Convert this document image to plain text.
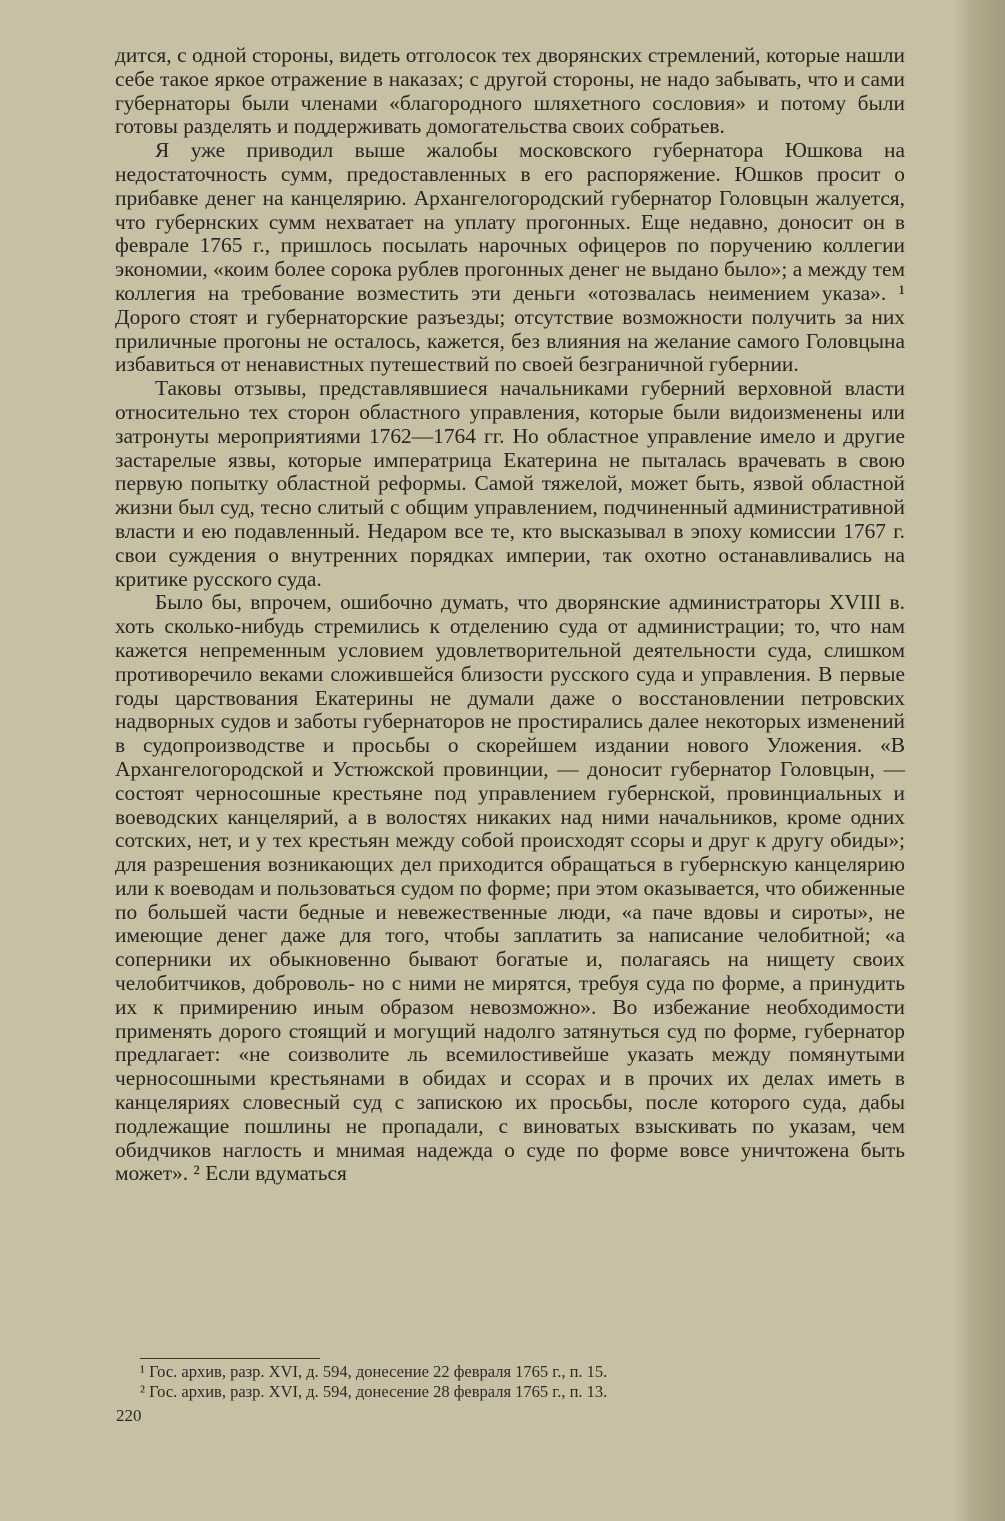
дится, с одной стороны, видеть отголосок тех дворянских стремлений, которые нашли себе такое яркое отражение в наказах; с другой стороны, не надо забывать, что и сами губернаторы были членами «благородного шляхетного сословия» и потому были готовы разделять и поддерживать домогательства своих собратьев.

Я уже приводил выше жалобы московского губернатора Юшкова на недостаточность сумм, предоставленных в его распоряжение. Юшков просит о прибавке денег на канцелярию. Архангелогородский губернатор Головцын жалуется, что губернских сумм нехватает на уплату прогонных. Еще недавно, доносит он в феврале 1765 г., пришлось посылать нарочных офицеров по поручению коллегии экономии, «коим более сорока рублев прогонных денег не выдано было»; а между тем коллегия на требование возместить эти деньги «отозвалась неимением указа». ¹ Дорого стоят и губернаторские разъезды; отсутствие возможности получить за них приличные прогоны не осталось, кажется, без влияния на желание самого Головцына избавиться от ненавистных путешествий по своей безграничной губернии.

Таковы отзывы, представлявшиеся начальниками губерний верховной власти относительно тех сторон областного управления, которые были видоизменены или затронуты мероприятиями 1762—1764 гг. Но областное управление имело и другие застарелые язвы, которые императрица Екатерина не пыталась врачевать в свою первую попытку областной реформы. Самой тяжелой, может быть, язвой областной жизни был суд, тесно слитый с общим управлением, подчиненный административной власти и ею подавленный. Недаром все те, кто высказывал в эпоху комиссии 1767 г. свои суждения о внутренних порядках империи, так охотно останавливались на критике русского суда.

Было бы, впрочем, ошибочно думать, что дворянские администраторы XVIII в. хоть сколько-нибудь стремились к отделению суда от администрации; то, что нам кажется непременным условием удовлетворительной деятельности суда, слишком противоречило веками сложившейся близости русского суда и управления. В первые годы царствования Екатерины не думали даже о восстановлении петровских надворных судов и заботы губернаторов не простирались далее некоторых изменений в судопроизводстве и просьбы о скорейшем издании нового Уложения. «В Архангелогородской и Устюжской провинции, — доносит губернатор Головцын, — состоят черносошные крестьяне под управлением губернской, провинциальных и воеводских канцелярий, а в волостях никаких над ними начальников, кроме одних сотских, нет, и у тех крестьян между собой происходят ссоры и друг к другу обиды»; для разрешения возникающих дел приходится обращаться в губернскую канцелярию или к воеводам и пользоваться судом по форме; при этом оказывается, что обиженные по большей части бедные и невежественные люди, «а паче вдовы и сироты», не имеющие денег даже для того, чтобы заплатить за написание челобитной; «а соперники их обыкновенно бывают богатые и, полагаясь на нищету своих челобитчиков, доброволь- но с ними не мирятся, требуя суда по форме, а принудить их к примирению иным образом невозможно». Во избежание необходимости применять дорого стоящий и могущий надолго затянуться суд по форме, губернатор предлагает: «не соизволите ль всемилостивейше указать между помянутыми черносошными крестьянами в обидах и ссорах и в прочих их делах иметь в канцеляриях словесный суд с запискою их просьбы, после которого суда, дабы подлежащие пошлины не пропадали, с виноватых взыскивать по указам, чем обидчиков наглость и мнимая надежда о суде по форме вовсе уничтожена быть может». ² Если вдуматься

¹ Гос. архив, разр. XVI, д. 594, донесение 22 февраля 1765 г., п. 15.

² Гос. архив, разр. XVI, д. 594, донесение 28 февраля 1765 г., п. 13.

220
